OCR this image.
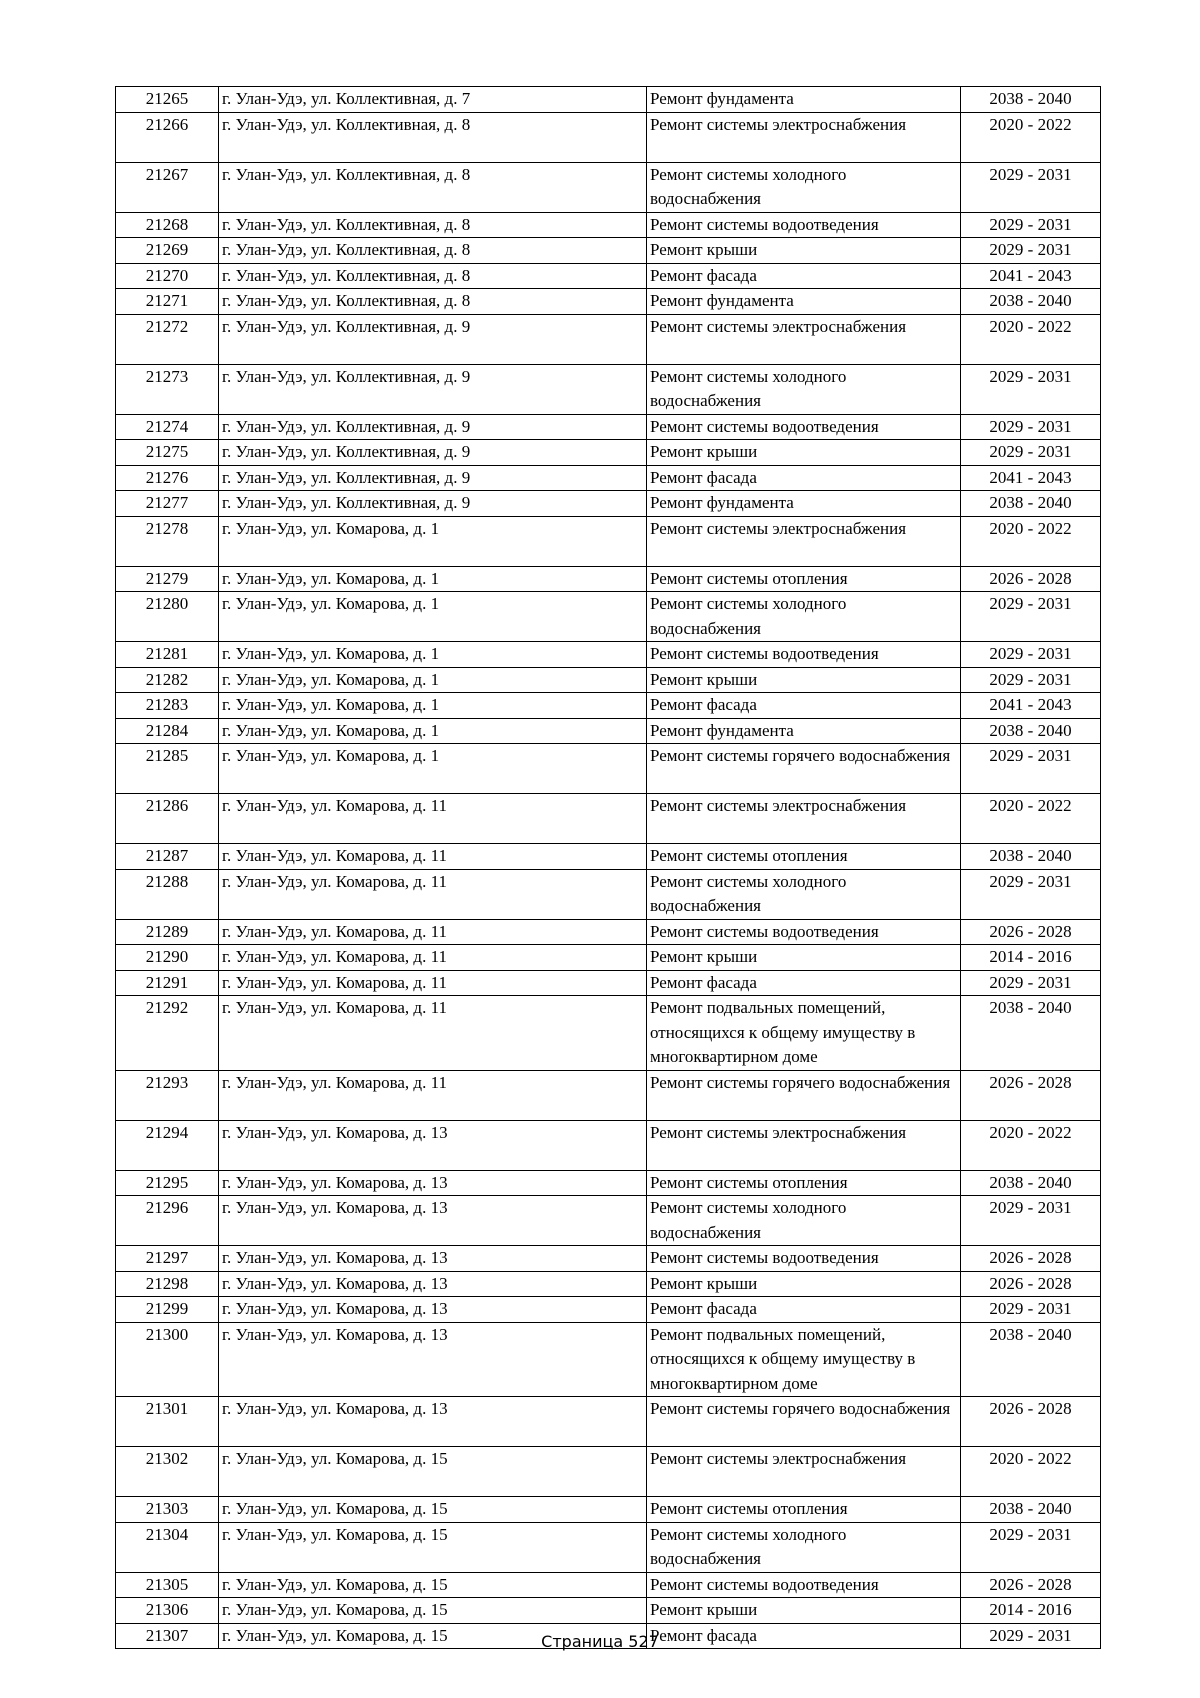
21265	г. Улан-Удэ, ул. Коллективная, д. 7	Ремонт фундамента	2038 - 2040
21266	г. Улан-Удэ, ул. Коллективная, д. 8	Ремонт системы электроснабжения	2020 - 2022
21267	г. Улан-Удэ, ул. Коллективная, д. 8	Ремонт системы холодного водоснабжения	2029 - 2031
21268	г. Улан-Удэ, ул. Коллективная, д. 8	Ремонт системы водоотведения	2029 - 2031
21269	г. Улан-Удэ, ул. Коллективная, д. 8	Ремонт крыши	2029 - 2031
21270	г. Улан-Удэ, ул. Коллективная, д. 8	Ремонт фасада	2041 - 2043
21271	г. Улан-Удэ, ул. Коллективная, д. 8	Ремонт фундамента	2038 - 2040
21272	г. Улан-Удэ, ул. Коллективная, д. 9	Ремонт системы электроснабжения	2020 - 2022
21273	г. Улан-Удэ, ул. Коллективная, д. 9	Ремонт системы холодного водоснабжения	2029 - 2031
21274	г. Улан-Удэ, ул. Коллективная, д. 9	Ремонт системы водоотведения	2029 - 2031
21275	г. Улан-Удэ, ул. Коллективная, д. 9	Ремонт крыши	2029 - 2031
21276	г. Улан-Удэ, ул. Коллективная, д. 9	Ремонт фасада	2041 - 2043
21277	г. Улан-Удэ, ул. Коллективная, д. 9	Ремонт фундамента	2038 - 2040
21278	г. Улан-Удэ, ул. Комарова, д. 1	Ремонт системы электроснабжения	2020 - 2022
21279	г. Улан-Удэ, ул. Комарова, д. 1	Ремонт системы отопления	2026 - 2028
21280	г. Улан-Удэ, ул. Комарова, д. 1	Ремонт системы холодного водоснабжения	2029 - 2031
21281	г. Улан-Удэ, ул. Комарова, д. 1	Ремонт системы водоотведения	2029 - 2031
21282	г. Улан-Удэ, ул. Комарова, д. 1	Ремонт крыши	2029 - 2031
21283	г. Улан-Удэ, ул. Комарова, д. 1	Ремонт фасада	2041 - 2043
21284	г. Улан-Удэ, ул. Комарова, д. 1	Ремонт фундамента	2038 - 2040
21285	г. Улан-Удэ, ул. Комарова, д. 1	Ремонт системы горячего водоснабжения	2029 - 2031
21286	г. Улан-Удэ, ул. Комарова, д. 11	Ремонт системы электроснабжения	2020 - 2022
21287	г. Улан-Удэ, ул. Комарова, д. 11	Ремонт системы отопления	2038 - 2040
21288	г. Улан-Удэ, ул. Комарова, д. 11	Ремонт системы холодного водоснабжения	2029 - 2031
21289	г. Улан-Удэ, ул. Комарова, д. 11	Ремонт системы водоотведения	2026 - 2028
21290	г. Улан-Удэ, ул. Комарова, д. 11	Ремонт крыши	2014 - 2016
21291	г. Улан-Удэ, ул. Комарова, д. 11	Ремонт фасада	2029 - 2031
21292	г. Улан-Удэ, ул. Комарова, д. 11	Ремонт подвальных помещений, относящихся к общему имуществу в многоквартирном доме	2038 - 2040
21293	г. Улан-Удэ, ул. Комарова, д. 11	Ремонт системы горячего водоснабжения	2026 - 2028
21294	г. Улан-Удэ, ул. Комарова, д. 13	Ремонт системы электроснабжения	2020 - 2022
21295	г. Улан-Удэ, ул. Комарова, д. 13	Ремонт системы отопления	2038 - 2040
21296	г. Улан-Удэ, ул. Комарова, д. 13	Ремонт системы холодного водоснабжения	2029 - 2031
21297	г. Улан-Удэ, ул. Комарова, д. 13	Ремонт системы водоотведения	2026 - 2028
21298	г. Улан-Удэ, ул. Комарова, д. 13	Ремонт крыши	2026 - 2028
21299	г. Улан-Удэ, ул. Комарова, д. 13	Ремонт фасада	2029 - 2031
21300	г. Улан-Удэ, ул. Комарова, д. 13	Ремонт подвальных помещений, относящихся к общему имуществу в многоквартирном доме	2038 - 2040
21301	г. Улан-Удэ, ул. Комарова, д. 13	Ремонт системы горячего водоснабжения	2026 - 2028
21302	г. Улан-Удэ, ул. Комарова, д. 15	Ремонт системы электроснабжения	2020 - 2022
21303	г. Улан-Удэ, ул. Комарова, д. 15	Ремонт системы отопления	2038 - 2040
21304	г. Улан-Удэ, ул. Комарова, д. 15	Ремонт системы холодного водоснабжения	2029 - 2031
21305	г. Улан-Удэ, ул. Комарова, д. 15	Ремонт системы водоотведения	2026 - 2028
21306	г. Улан-Удэ, ул. Комарова, д. 15	Ремонт крыши	2014 - 2016
21307	г. Улан-Удэ, ул. Комарова, д. 15	Ремонт фасада	2029 - 2031
Страница 527
